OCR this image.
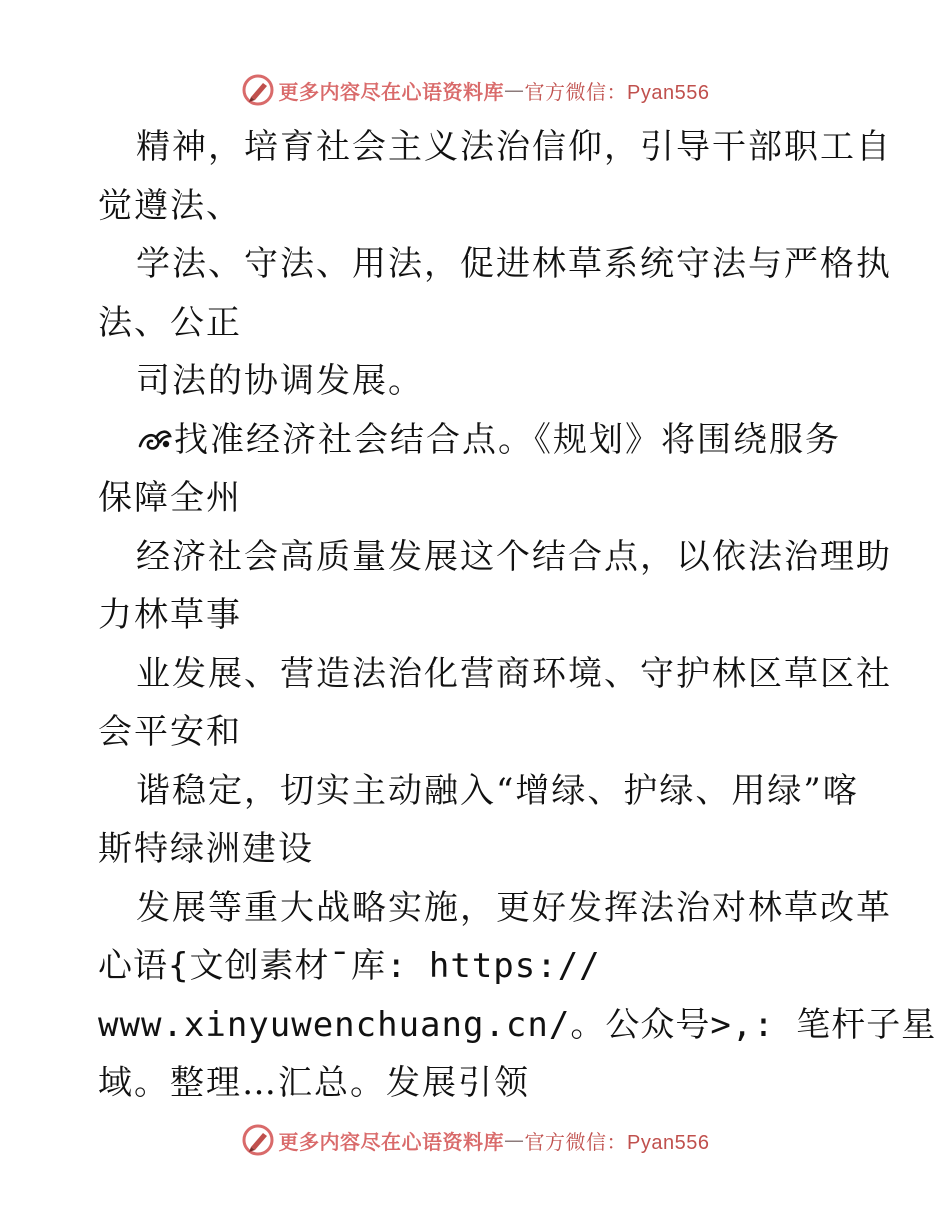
更多内容尽在心语资料库 — 官方微信：Pyan556
精神，培育社会主义法治信仰，引导干部职工自
觉遵法、
学法、守法、用法，促进林草系统守法与严格执
法、公正
司法的协调发展。
找准经济社会结合点。《规划》将围绕服务
保障全州
经济社会高质量发展这个结合点，以依法治理助
力林草事
业发展、营造法治化营商环境、守护林区草区社
会平安和
谐稳定，切实主动融入“增绿、护绿、用绿”喀
斯特绿洲建设
发展等重大战略实施，更好发挥法治对林草改革
心语{文创素材¯库: https://
www.xinyuwenchuang.cn/。公众号>,: 笔杆子星
域。整理…汇总。发展引领
更多内容尽在心语资料库 — 官方微信：Pyan556
